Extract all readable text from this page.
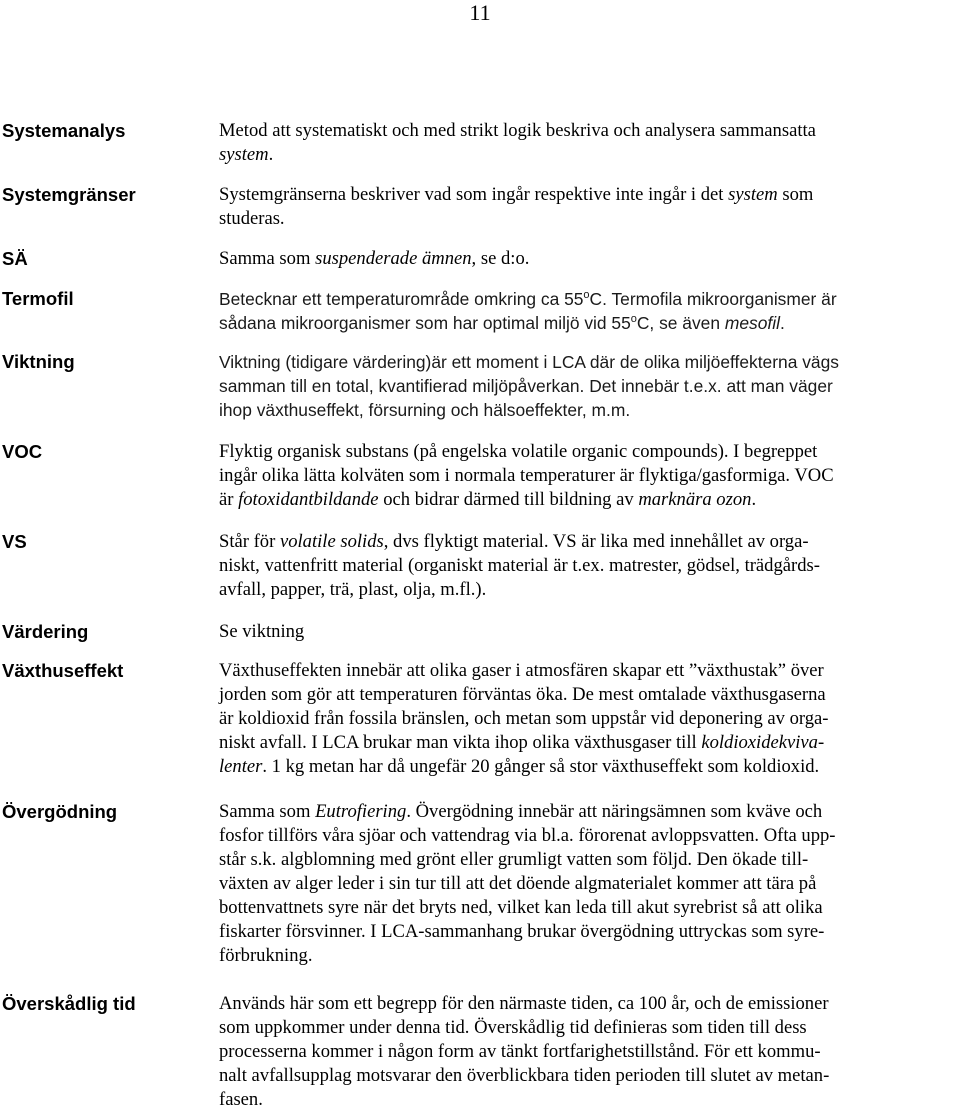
11
Systemanalys	Metod att systematiskt och med strikt logik beskriva och analysera sammansatta
system.
Systemgränser	Systemgränserna beskriver vad som ingår respektive inte ingår i det system som
studeras.
SÄ	Samma som suspenderade ämnen, se d:o.
Termofil	Betecknar ett temperaturområde omkring ca 55$^o$C. Termofila mikroorganismer är
sådana mikroorganismer som har optimal miljö vid 55$^o$C, se även mesofil.
Viktning	Viktning (tidigare värdering)är ett moment i LCA där de olika miljöeffekterna vägs
samman till en total, kvantifierad miljöpåverkan. Det innebär t.e.x. att man väger
ihop växthuseffekt, försurning och hälsoeffekter, m.m.
VOC	Flyktig organisk substans (på engelska volatile organic compounds). I begreppet
ingår olika lätta kolväten som i normala temperaturer är flyktiga/gasformiga. VOC
är fotoxidantbildande och bidrar därmed till bildning av marknära ozon.
VS	Står för volatile solids, dvs flyktigt material. VS är lika med innehållet av orga-
niskt, vattenfritt material (organiskt material är t.ex. matrester, gödsel, trädgårds-
avfall, papper, trä, plast, olja, m.fl.).
Värdering	Se viktning
Växthuseffekt	Växthuseffekten innebär att olika gaser i atmosfären skapar ett ”växthustak” över
jorden som gör att temperaturen förväntas öka. De mest omtalade växthusgaserna
är koldioxid från fossila bränslen, och metan som uppstår vid deponering av orga-
niskt avfall. I LCA brukar man vikta ihop olika växthusgaser till koldioxidekviva-
lenter. 1 kg metan har då ungefär 20 gånger så stor växthuseffekt som koldioxid.
Övergödning	Samma som Eutrofiering. Övergödning innebär att näringsämnen som kväve och
fosfor tillförs våra sjöar och vattendrag via bl.a. förorenat avloppsvatten. Ofta upp-
står s.k. algblomning med grönt eller grumligt vatten som följd. Den ökade till-
växten av alger leder i sin tur till att det döende algmaterialet kommer att tära på
bottenvattnets syre när det bryts ned, vilket kan leda till akut syrebrist så att olika
fiskarter försvinner. I LCA-sammanhang brukar övergödning uttryckas som syre-
förbrukning.
Överskådlig tid	Används här som ett begrepp för den närmaste tiden, ca 100 år, och de emissioner
som uppkommer under denna tid. Överskådlig tid definieras som tiden till dess
processerna kommer i någon form av tänkt fortfarighetstillstånd. För ett kommu-
nalt avfallsupplag motsvarar den överblickbara tiden perioden till slutet av metan-
fasen.
